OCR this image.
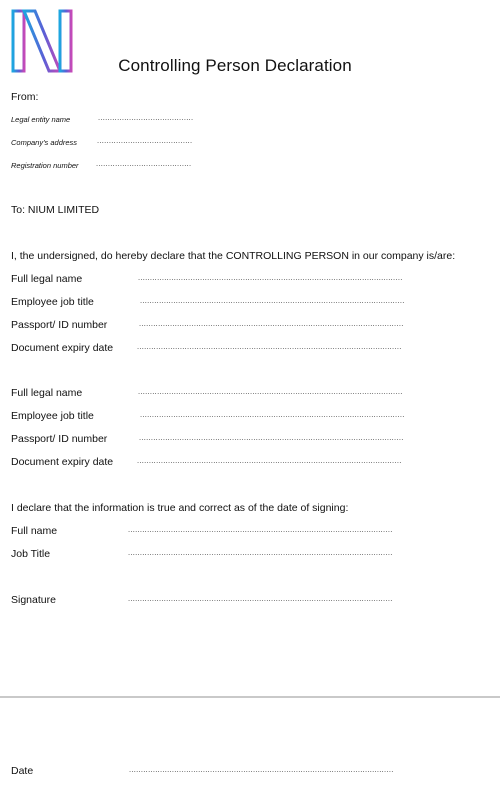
Controlling Person Declaration
From:
Legal entity name	........................................
Company's address	........................................
Registration number ........................................
To: NIUM LIMITED
I, the undersigned, do hereby declare that the CONTROLLING PERSON in our company is/are:
Full legal name	...............................................................................................................
Employee job title	...............................................................................................................
Passport/ ID number	...............................................................................................................
Document expiry date	...............................................................................................................
Full legal name	...............................................................................................................
Employee job title	...............................................................................................................
Passport/ ID number	...............................................................................................................
Document expiry date	...............................................................................................................
I declare that the information is true and correct as of the date of signing:
Full name	...............................................................................................................
Job Title	...............................................................................................................
Signature	...............................................................................................................
Date	...............................................................................................................
